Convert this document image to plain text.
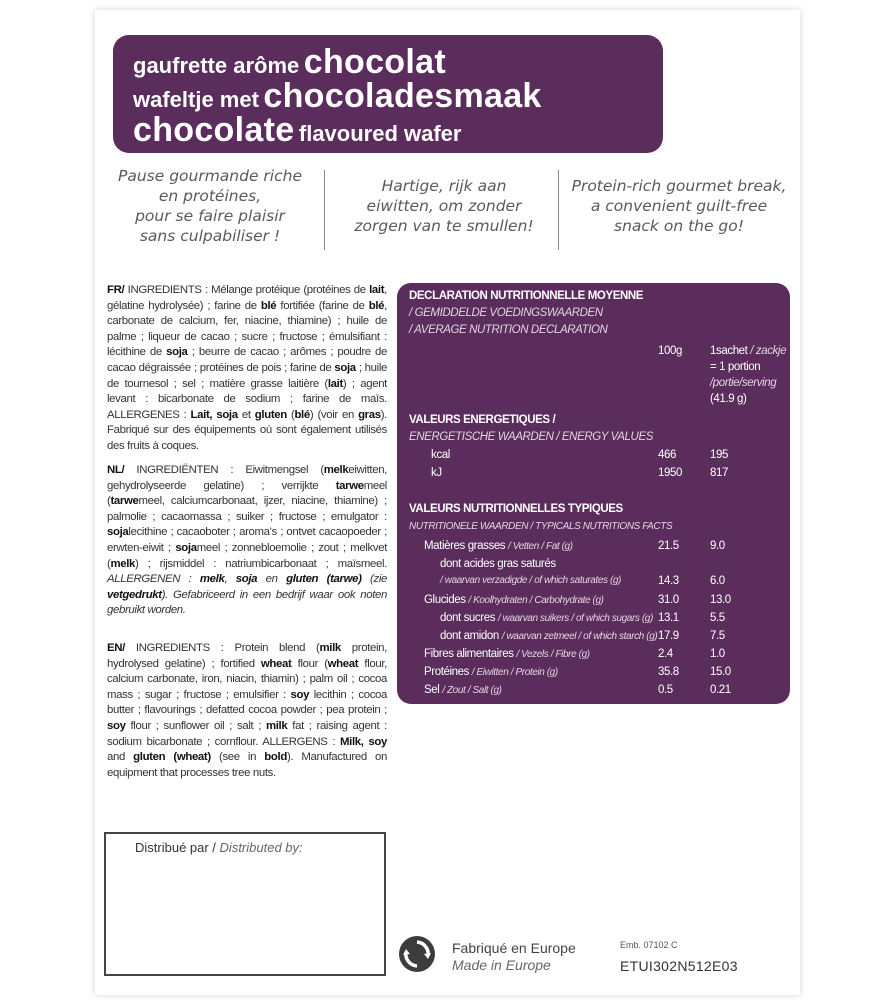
gaufrette arôme chocolat
wafeltje met chocoladesmaak
chocolate flavoured wafer
Pause gourmande riche
en protéines,
pour se faire plaisir
sans culpabiliser !
Hartige, rijk aan
eiwitten, om zonder
zorgen van te smullen!
Protein-rich gourmet break,
a convenient guilt-free
snack on the go!
FR/ INGREDIENTS : Mélange protéique (protéines de lait, gélatine hydrolysée) ; farine de blé fortifiée (farine de blé, carbonate de calcium, fer, niacine, thiamine) ; huile de palme ; liqueur de cacao ; sucre ; fructose ; émulsifiant : lécithine de soja ; beurre de cacao ; arômes ; poudre de cacao dégraissée ; protéines de pois ; farine de soja ; huile de tournesol ; sel ; matière grasse laitière (lait) ; agent levant : bicarbonate de sodium ; farine de maïs. ALLERGENES : Lait, soja et gluten (blé) (voir en gras). Fabriqué sur des équipements où sont également utilisés des fruits à coques.
NL/ INGREDIËNTEN : Eiwitmengsel (melkeiwitten, gehydrolyseerde gelatine) ; verrijkte tarwemeel (tarwemeel, calciumcarbonaat, ijzer, niacine, thiamine) ; palmolie ; cacaomassa ; suiker ; fructose ; emulgator : sojalecithine ; cacaoboter ; aroma's ; ontvet cacaopoeder ; erwten-eiwit ; sojameel ; zonnebloemolie ; zout ; melkvet (melk) ; rijsmiddel : natriumbicarbonaat ; maïsmeel. ALLERGENEN : melk, soja en gluten (tarwe) (zie vetgedrukt). Gefabriceerd in een bedrijf waar ook noten gebruikt worden.
EN/ INGREDIENTS : Protein blend (milk protein, hydrolysed gelatine) ; fortified wheat flour (wheat flour, calcium carbonate, iron, niacin, thiamin) ; palm oil ; cocoa mass ; sugar ; fructose ; emulsifier : soy lecithin ; cocoa butter ; flavourings ; defatted cocoa powder ; pea protein ; soy flour ; sunflower oil ; salt ; milk fat ; raising agent : sodium bicarbonate ; cornflour. ALLERGENS : Milk, soy and gluten (wheat) (see in bold). Manufactured on equipment that processes tree nuts.
DECLARATION NUTRITIONNELLE MOYENNE
/ GEMIDDELDE VOEDINGSWAARDEN
/ AVERAGE NUTRITION DECLARATION
100g 1sachet / zackje
= 1 portion
/portie/serving
(41.9 g)
VALEURS ENERGETIQUES /
ENERGETISCHE WAARDEN / ENERGY VALUES
kcal	466	195
kJ	1950 817
VALEURS NUTRITIONNELLES TYPIQUES
NUTRITIONELE WAARDEN / TYPICALS NUTRITIONS FACTS
Matières grasses / Vetten / Fat (g)	21.5	9.0
dont acides gras saturés
/ waarvan verzadigde / of which saturates (g)	14.3	6.0
Glucides / Koolhydraten / Carbohydrate (g)	31.0	13.0
dont sucres / waarvan suikers / of which sugars (g) 13.1	5.5
dont amidon / waarvan zetmeel / of which starch (g) 17.9	7.5
Fibres alimentaires / Vezels / Fibre (g)	2.4	1.0
Protéines / Eiwitten / Protein (g)	35.8	15.0
Sel / Zout / Salt (g)	0.5	0.21
Distribué par / Distributed by:
Fabriqué en Europe
Made in Europe
Emb. 07102 C
ETUI302N512E03
